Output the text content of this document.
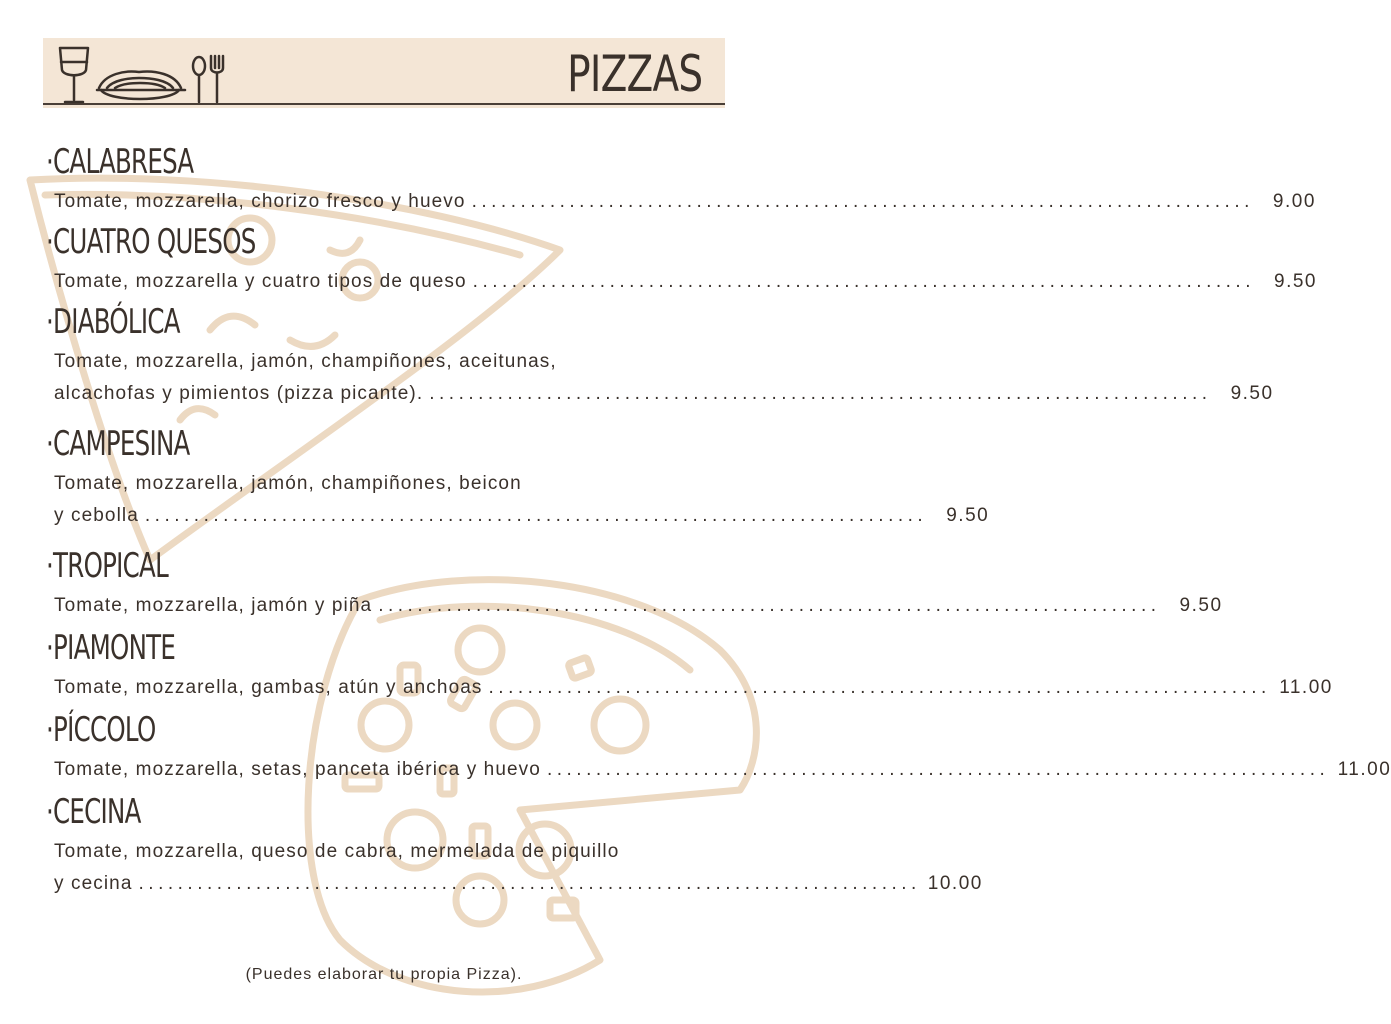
PIZZAS
·CALABRESA
Tomate, mozzarella, chorizo fresco y huevo ................................................................................	9.00
·CUATRO QUESOS
Tomate, mozzarella y cuatro tipos de queso ................................................................................	9.50
·DIABÓLICA
Tomate, mozzarella, jamón, champiñones, aceitunas,
alcachofas y pimientos (pizza picante). ................................................................................	9.50
·CAMPESINA
Tomate, mozzarella, jamón, champiñones, beicon
y cebolla ................................................................................	9.50
·TROPICAL
Tomate, mozzarella, jamón y piña ................................................................................	9.50
·PIAMONTE
Tomate, mozzarella, gambas, atún y anchoas ................................................................................ 11.00
·PÍCCOLO
Tomate, mozzarella, setas, panceta ibérica y huevo ................................................................................ 11.00
·CECINA
Tomate, mozzarella, queso de cabra, mermelada de piquillo
y cecina ................................................................................ 10.00
(Puedes elaborar tu propia Pizza).
